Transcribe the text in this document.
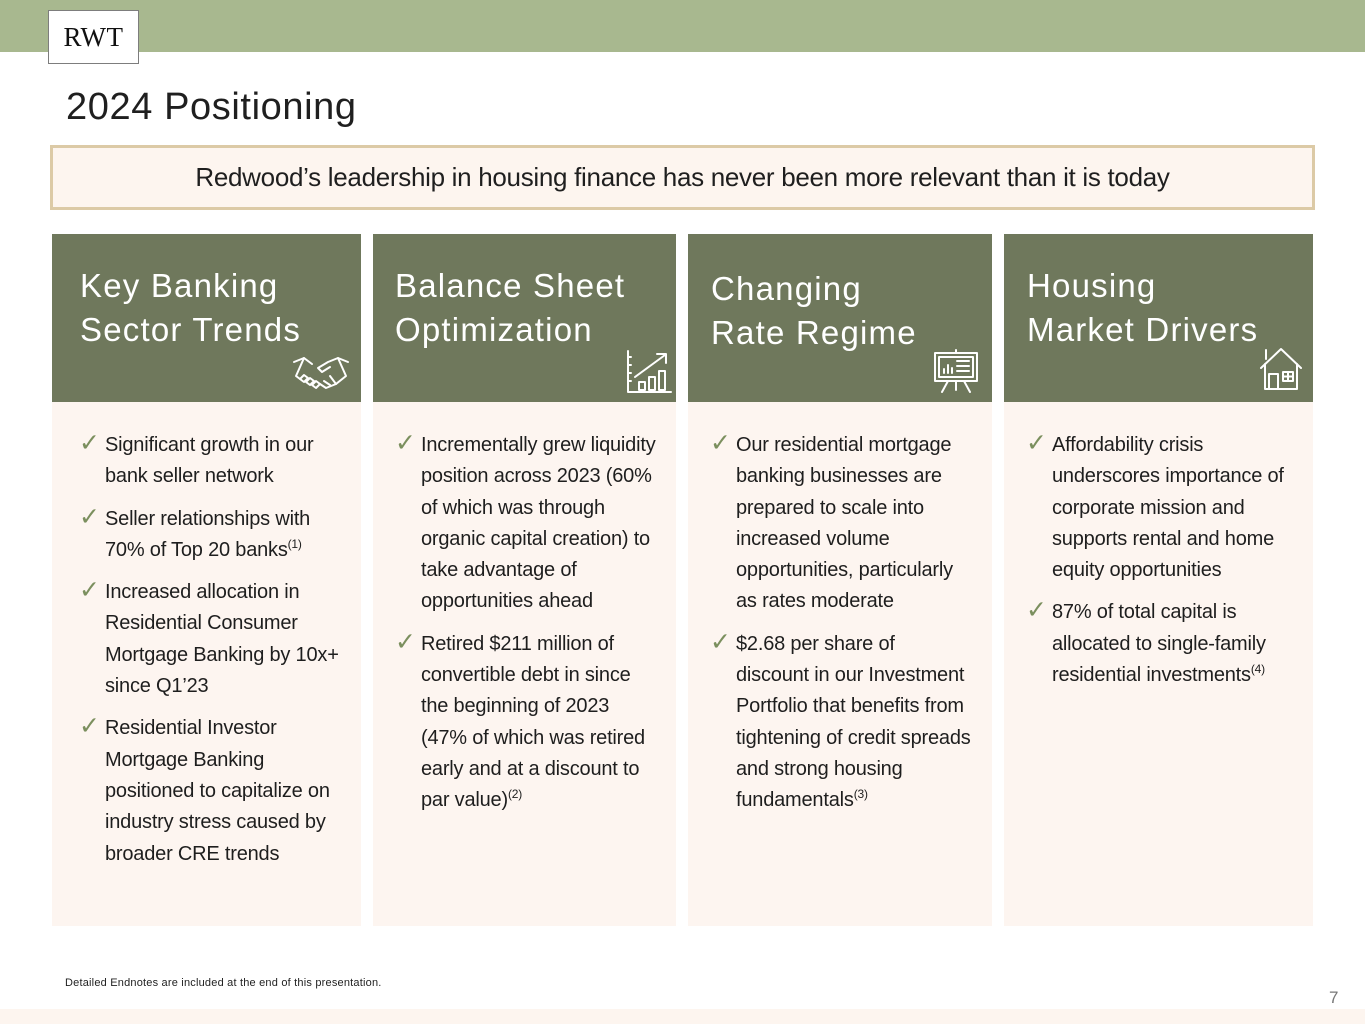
RWT
2024 Positioning
Redwood’s leadership in housing finance has never been more relevant than it is today
Key Banking
Sector Trends
✓ Significant growth in our bank seller network
✓ Seller relationships with 70% of Top 20 banks$^{(1)}$
✓ Increased allocation in Residential Consumer Mortgage Banking by 10x+ since Q1’23
✓ Residential Investor Mortgage Banking positioned to capitalize on industry stress caused by broader CRE trends
Balance Sheet
Optimization
✓ Incrementally grew liquidity position across 2023 (60% of which was through organic capital creation) to take advantage of opportunities ahead
✓ Retired $211 million of convertible debt in since the beginning of 2023 (47% of which was retired early and at a discount to par value)$^{(2)}$
Changing
Rate Regime
✓ Our residential mortgage banking businesses are prepared to scale into increased volume opportunities, particularly as rates moderate
✓ $2.68 per share of discount in our Investment Portfolio that benefits from tightening of credit spreads and strong housing fundamentals$^{(3)}$
Housing
Market Drivers
✓ Affordability crisis underscores importance of corporate mission and supports rental and home equity opportunities
✓ 87% of total capital is allocated to single-family residential investments$^{(4)}$
Detailed Endnotes are included at the end of this presentation.
7
